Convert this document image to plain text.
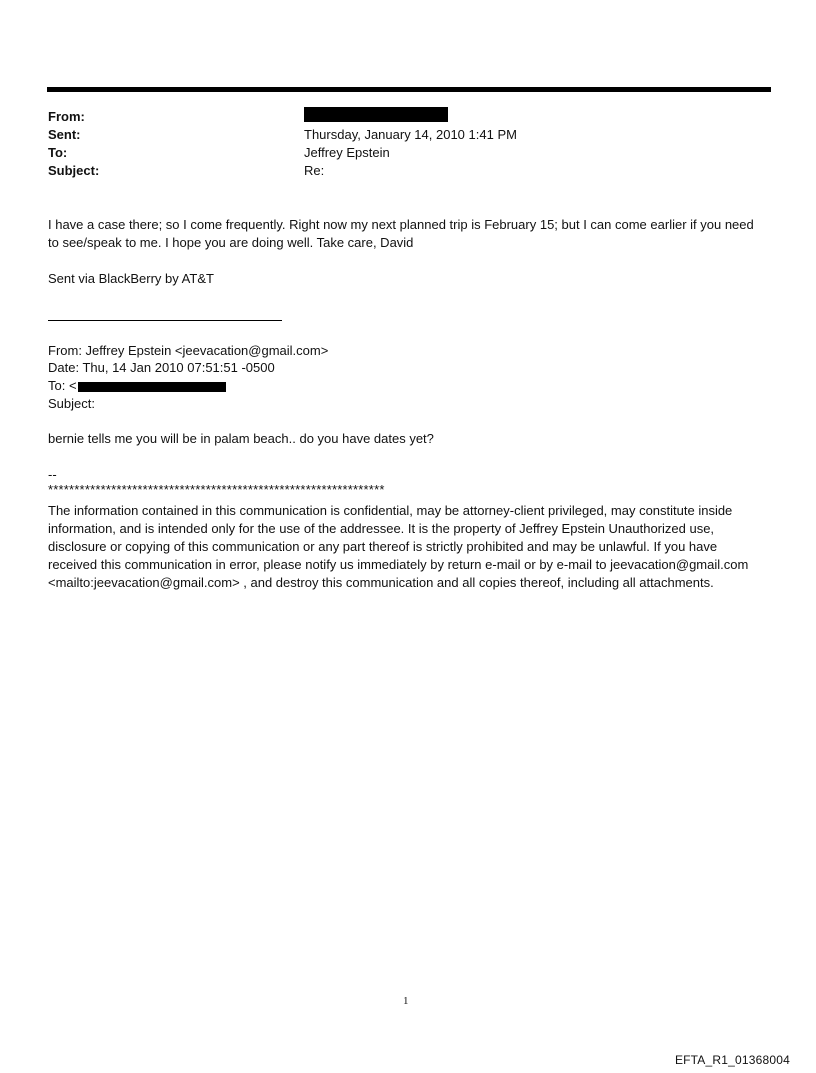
From:
Sent:	Thursday, January 14, 2010 1:41 PM
To:	Jeffrey Epstein
Subject:	Re:
I have a case there; so I come frequently. Right now my next planned trip is February 15; but I can come earlier if you need to see/speak to me. I hope you are doing well. Take care, David
Sent via BlackBerry by AT&T
From: Jeffrey Epstein <jeevacation@gmail.com>
Date: Thu, 14 Jan 2010 07:51:51 -0500
To: <
Subject:
bernie tells me you will be in palam beach.. do you have dates yet?
--
****************************************************************
The information contained in this communication is confidential, may be attorney-client privileged, may constitute inside information, and is intended only for the use of the addressee. It is the property of Jeffrey Epstein Unauthorized use, disclosure or copying of this communication or any part thereof is strictly prohibited and may be unlawful. If you have received this communication in error, please notify us immediately by return e-mail or by e-mail to jeevacation@gmail.com <mailto:jeevacation@gmail.com> , and destroy this communication and all copies thereof, including all attachments.
1
EFTA_R1_01368004
